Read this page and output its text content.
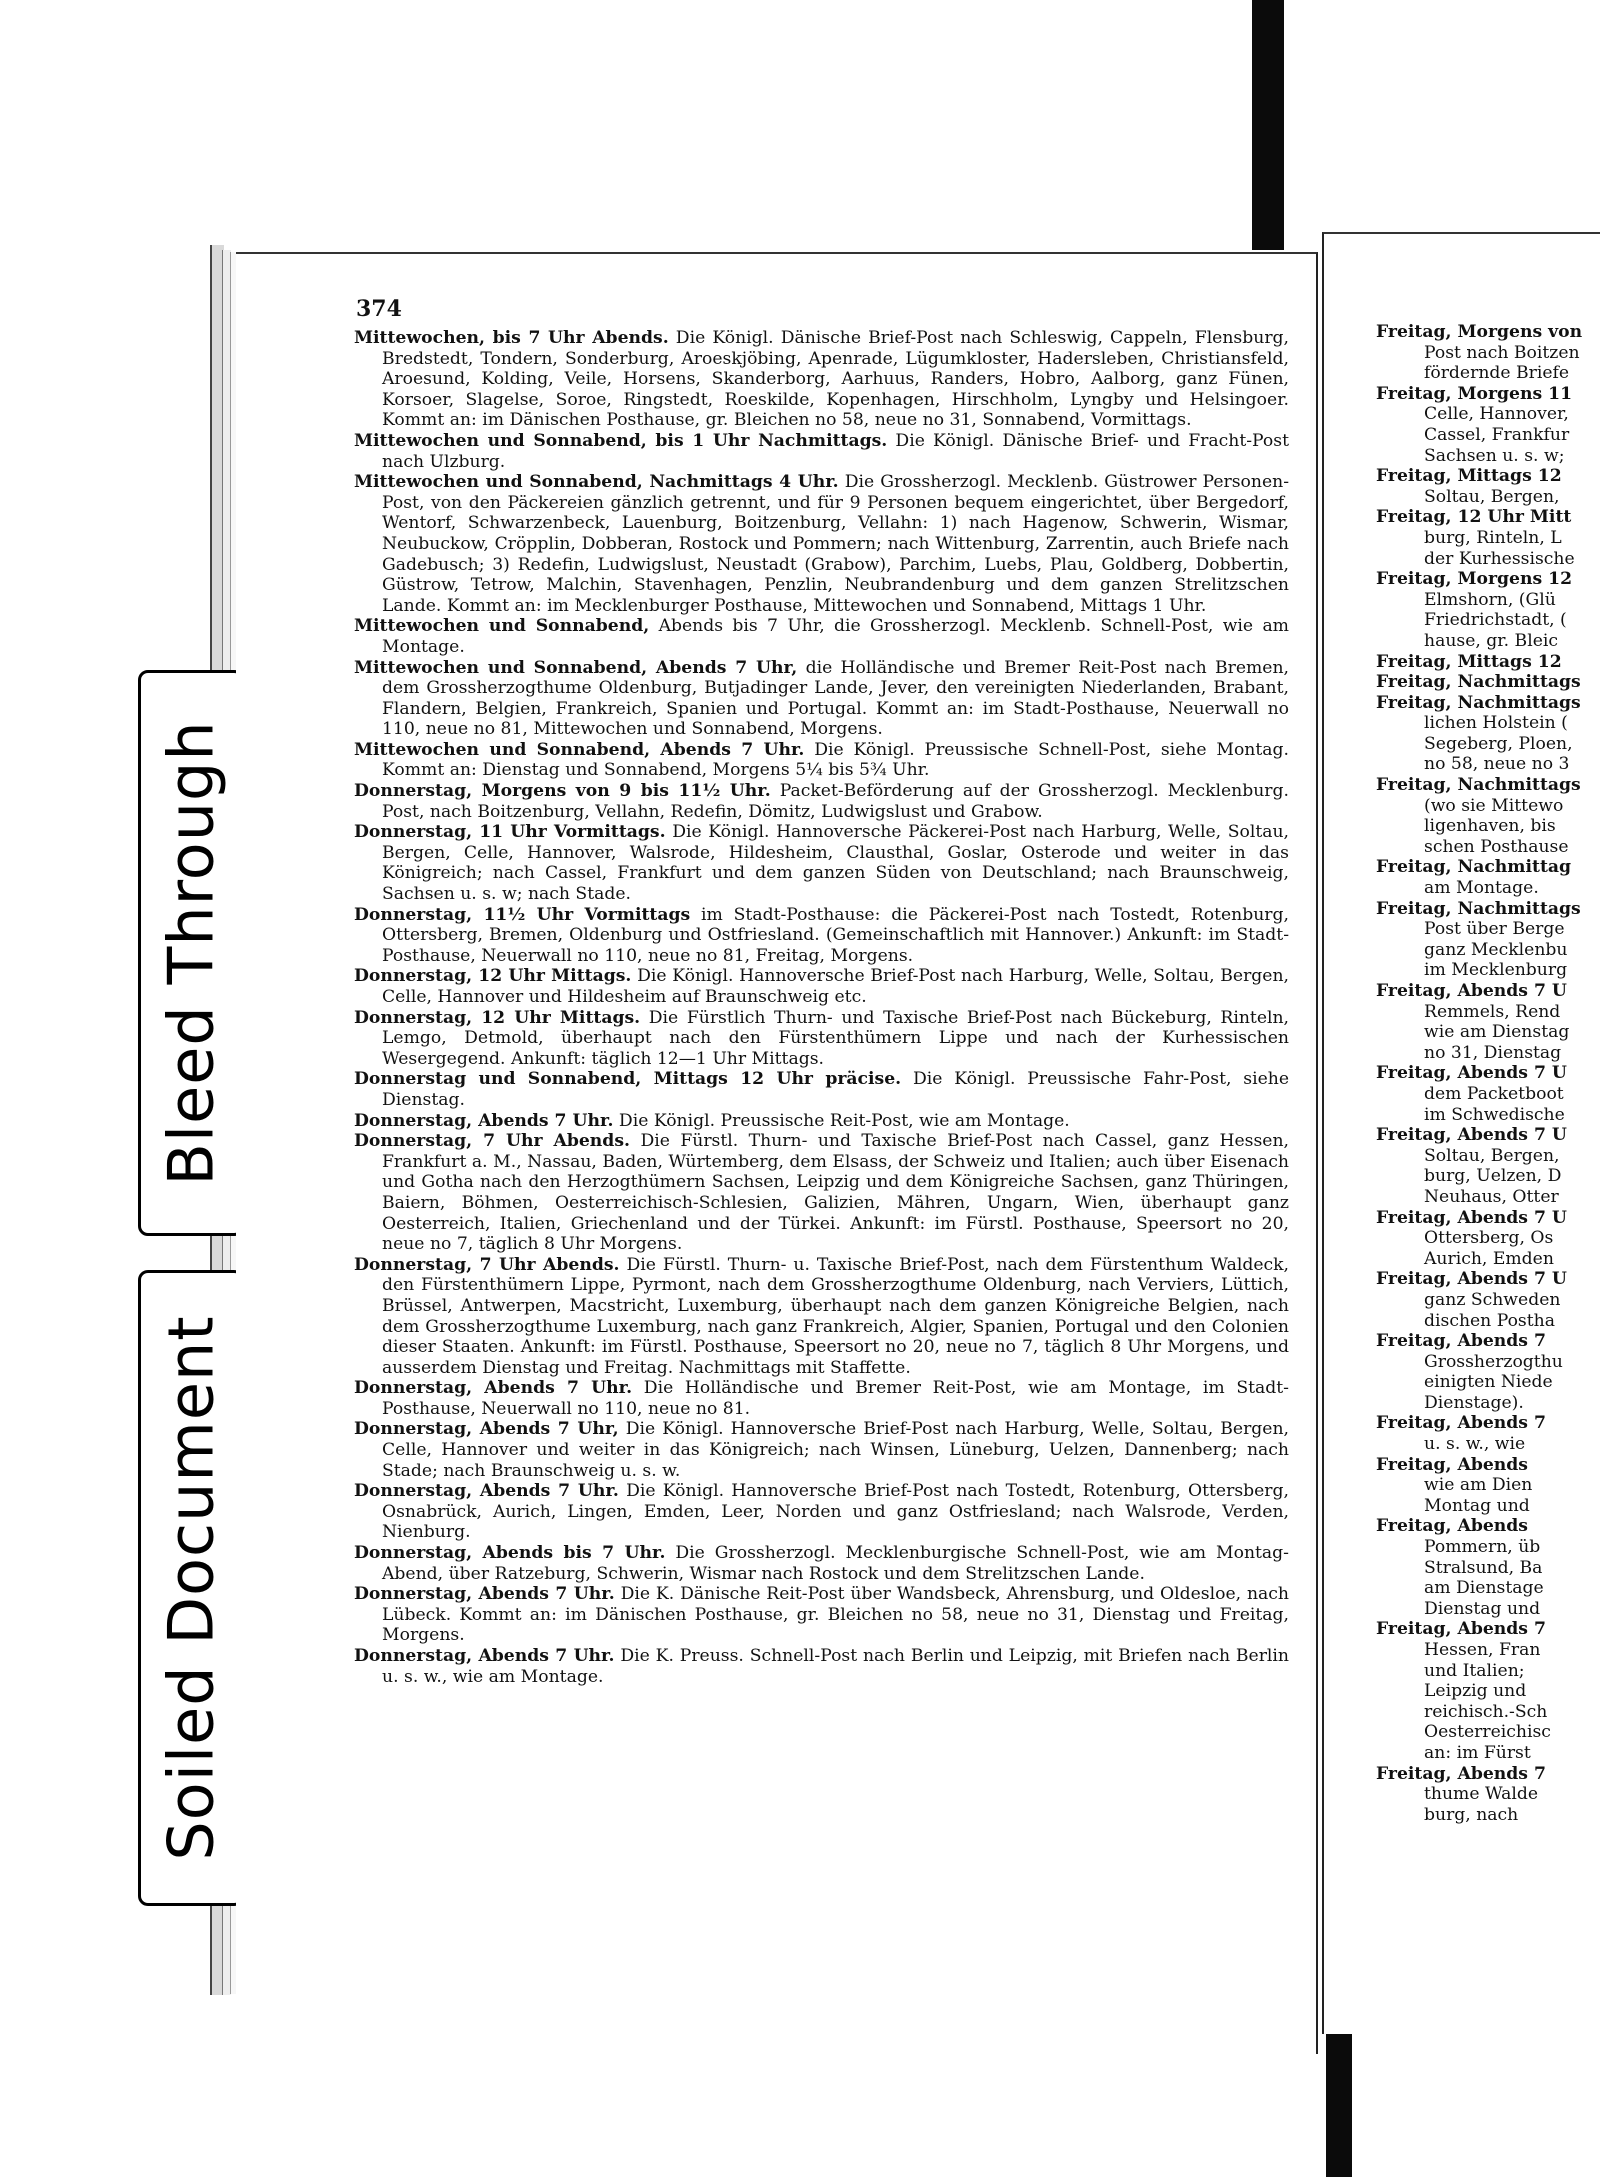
Bleed Through
Soiled Document
374
Mittewochen, bis 7 Uhr Abends. Die Königl. Dänische Brief-Post nach Schleswig, Cappeln, Flensburg, Bredstedt, Tondern, Sonderburg, Aroeskjöbing, Apenrade, Lügumkloster, Hadersleben, Christiansfeld, Aroesund, Kolding, Veile, Horsens, Skanderborg, Aarhuus, Randers, Hobro, Aalborg, ganz Fünen, Korsoer, Slagelse, Soroe, Ringstedt, Roeskilde, Kopenhagen, Hirschholm, Lyngby und Helsingoer. Kommt an: im Dänischen Posthause, gr. Bleichen no 58, neue no 31, Sonnabend, Vormittags.
Mittewochen und Sonnabend, bis 1 Uhr Nachmittags. Die Königl. Dänische Brief- und Fracht-Post nach Ulzburg.
Mittewochen und Sonnabend, Nachmittags 4 Uhr. Die Grossherzogl. Mecklenb. Güstrower Personen-Post, von den Päckereien gänzlich getrennt, und für 9 Personen bequem eingerichtet, über Bergedorf, Wentorf, Schwarzenbeck, Lauenburg, Boitzenburg, Vellahn: 1) nach Hagenow, Schwerin, Wismar, Neubuckow, Cröpplin, Dobberan, Rostock und Pommern; nach Wittenburg, Zarrentin, auch Briefe nach Gadebusch; 3) Redefin, Ludwigslust, Neustadt (Grabow), Parchim, Luebs, Plau, Goldberg, Dobbertin, Güstrow, Tetrow, Malchin, Stavenhagen, Penzlin, Neubrandenburg und dem ganzen Strelitzschen Lande. Kommt an: im Mecklenburger Posthause, Mittewochen und Sonnabend, Mittags 1 Uhr.
Mittewochen und Sonnabend, Abends bis 7 Uhr, die Grossherzogl. Mecklenb. Schnell-Post, wie am Montage.
Mittewochen und Sonnabend, Abends 7 Uhr, die Holländische und Bremer Reit-Post nach Bremen, dem Grossherzogthume Oldenburg, Butjadinger Lande, Jever, den vereinigten Niederlanden, Brabant, Flandern, Belgien, Frankreich, Spanien und Portugal. Kommt an: im Stadt-Posthause, Neuerwall no 110, neue no 81, Mittewochen und Sonnabend, Morgens.
Mittewochen und Sonnabend, Abends 7 Uhr. Die Königl. Preussische Schnell-Post, siehe Montag. Kommt an: Dienstag und Sonnabend, Morgens 5¼ bis 5¾ Uhr.
Donnerstag, Morgens von 9 bis 11½ Uhr. Packet-Beförderung auf der Grossherzogl. Mecklenburg. Post, nach Boitzenburg, Vellahn, Redefin, Dömitz, Ludwigslust und Grabow.
Donnerstag, 11 Uhr Vormittags. Die Königl. Hannoversche Päckerei-Post nach Harburg, Welle, Soltau, Bergen, Celle, Hannover, Walsrode, Hildesheim, Clausthal, Goslar, Osterode und weiter in das Königreich; nach Cassel, Frankfurt und dem ganzen Süden von Deutschland; nach Braunschweig, Sachsen u. s. w; nach Stade.
Donnerstag, 11½ Uhr Vormittags im Stadt-Posthause: die Päckerei-Post nach Tostedt, Rotenburg, Ottersberg, Bremen, Oldenburg und Ostfriesland. (Gemeinschaftlich mit Hannover.) Ankunft: im Stadt-Posthause, Neuerwall no 110, neue no 81, Freitag, Morgens.
Donnerstag, 12 Uhr Mittags. Die Königl. Hannoversche Brief-Post nach Harburg, Welle, Soltau, Bergen, Celle, Hannover und Hildesheim auf Braunschweig etc.
Donnerstag, 12 Uhr Mittags. Die Fürstlich Thurn- und Taxische Brief-Post nach Bückeburg, Rinteln, Lemgo, Detmold, überhaupt nach den Fürstenthümern Lippe und nach der Kurhessischen Wesergegend. Ankunft: täglich 12—1 Uhr Mittags.
Donnerstag und Sonnabend, Mittags 12 Uhr präcise. Die Königl. Preussische Fahr-Post, siehe Dienstag.
Donnerstag, Abends 7 Uhr. Die Königl. Preussische Reit-Post, wie am Montage.
Donnerstag, 7 Uhr Abends. Die Fürstl. Thurn- und Taxische Brief-Post nach Cassel, ganz Hessen, Frankfurt a. M., Nassau, Baden, Würtemberg, dem Elsass, der Schweiz und Italien; auch über Eisenach und Gotha nach den Herzogthümern Sachsen, Leipzig und dem Königreiche Sachsen, ganz Thüringen, Baiern, Böhmen, Oesterreichisch-Schlesien, Galizien, Mähren, Ungarn, Wien, überhaupt ganz Oesterreich, Italien, Griechenland und der Türkei. Ankunft: im Fürstl. Posthause, Speersort no 20, neue no 7, täglich 8 Uhr Morgens.
Donnerstag, 7 Uhr Abends. Die Fürstl. Thurn- u. Taxische Brief-Post, nach dem Fürstenthum Waldeck, den Fürstenthümern Lippe, Pyrmont, nach dem Grossherzogthume Oldenburg, nach Verviers, Lüttich, Brüssel, Antwerpen, Macstricht, Luxemburg, überhaupt nach dem ganzen Königreiche Belgien, nach dem Grossherzogthume Luxemburg, nach ganz Frankreich, Algier, Spanien, Portugal und den Colonien dieser Staaten. Ankunft: im Fürstl. Posthause, Speersort no 20, neue no 7, täglich 8 Uhr Morgens, und ausserdem Dienstag und Freitag. Nachmittags mit Staffette.
Donnerstag, Abends 7 Uhr. Die Holländische und Bremer Reit-Post, wie am Montage, im Stadt-Posthause, Neuerwall no 110, neue no 81.
Donnerstag, Abends 7 Uhr, Die Königl. Hannoversche Brief-Post nach Harburg, Welle, Soltau, Bergen, Celle, Hannover und weiter in das Königreich; nach Winsen, Lüneburg, Uelzen, Dannenberg; nach Stade; nach Braunschweig u. s. w.
Donnerstag, Abends 7 Uhr. Die Königl. Hannoversche Brief-Post nach Tostedt, Rotenburg, Ottersberg, Osnabrück, Aurich, Lingen, Emden, Leer, Norden und ganz Ostfriesland; nach Walsrode, Verden, Nienburg.
Donnerstag, Abends bis 7 Uhr. Die Grossherzogl. Mecklenburgische Schnell-Post, wie am Montag-Abend, über Ratzeburg, Schwerin, Wismar nach Rostock und dem Strelitzschen Lande.
Donnerstag, Abends 7 Uhr. Die K. Dänische Reit-Post über Wandsbeck, Ahrensburg, und Oldesloe, nach Lübeck. Kommt an: im Dänischen Posthause, gr. Bleichen no 58, neue no 31, Dienstag und Freitag, Morgens.
Donnerstag, Abends 7 Uhr. Die K. Preuss. Schnell-Post nach Berlin und Leipzig, mit Briefen nach Berlin u. s. w., wie am Montage.
Freitag, Morgens von
Post nach Boitzen
fördernde Briefe
Freitag, Morgens 11
Celle, Hannover,
Cassel, Frankfur
Sachsen u. s. w;
Freitag, Mittags 12
Soltau, Bergen,
Freitag, 12 Uhr Mitt
burg, Rinteln, L
der Kurhessische
Freitag, Morgens 12
Elmshorn, (Glü
Friedrichstadt, (
hause, gr. Bleic
Freitag, Mittags 12
Freitag, Nachmittags
Freitag, Nachmittags
lichen Holstein (
Segeberg, Ploen,
no 58, neue no 3
Freitag, Nachmittags
(wo sie Mittewo
ligenhaven, bis
schen Posthause
Freitag, Nachmittag
am Montage.
Freitag, Nachmittags
Post über Berge
ganz Mecklenbu
im Mecklenburg
Freitag, Abends 7 U
Remmels, Rend
wie am Dienstag
no 31, Dienstag
Freitag, Abends 7 U
dem Packetboot
im Schwedische
Freitag, Abends 7 U
Soltau, Bergen,
burg, Uelzen, D
Neuhaus, Otter
Freitag, Abends 7 U
Ottersberg, Os
Aurich, Emden
Freitag, Abends 7 U
ganz Schweden
dischen Postha
Freitag, Abends 7
Grossherzogthu
einigten Niede
Dienstage).
Freitag, Abends 7
u. s. w., wie
Freitag, Abends
wie am Dien
Montag und
Freitag, Abends
Pommern, üb
Stralsund, Ba
am Dienstage
Dienstag und
Freitag, Abends 7
Hessen, Fran
und Italien;
Leipzig und
reichisch.-Sch
Oesterreichisc
an: im Fürst
Freitag, Abends 7
thume Walde
burg, nach
